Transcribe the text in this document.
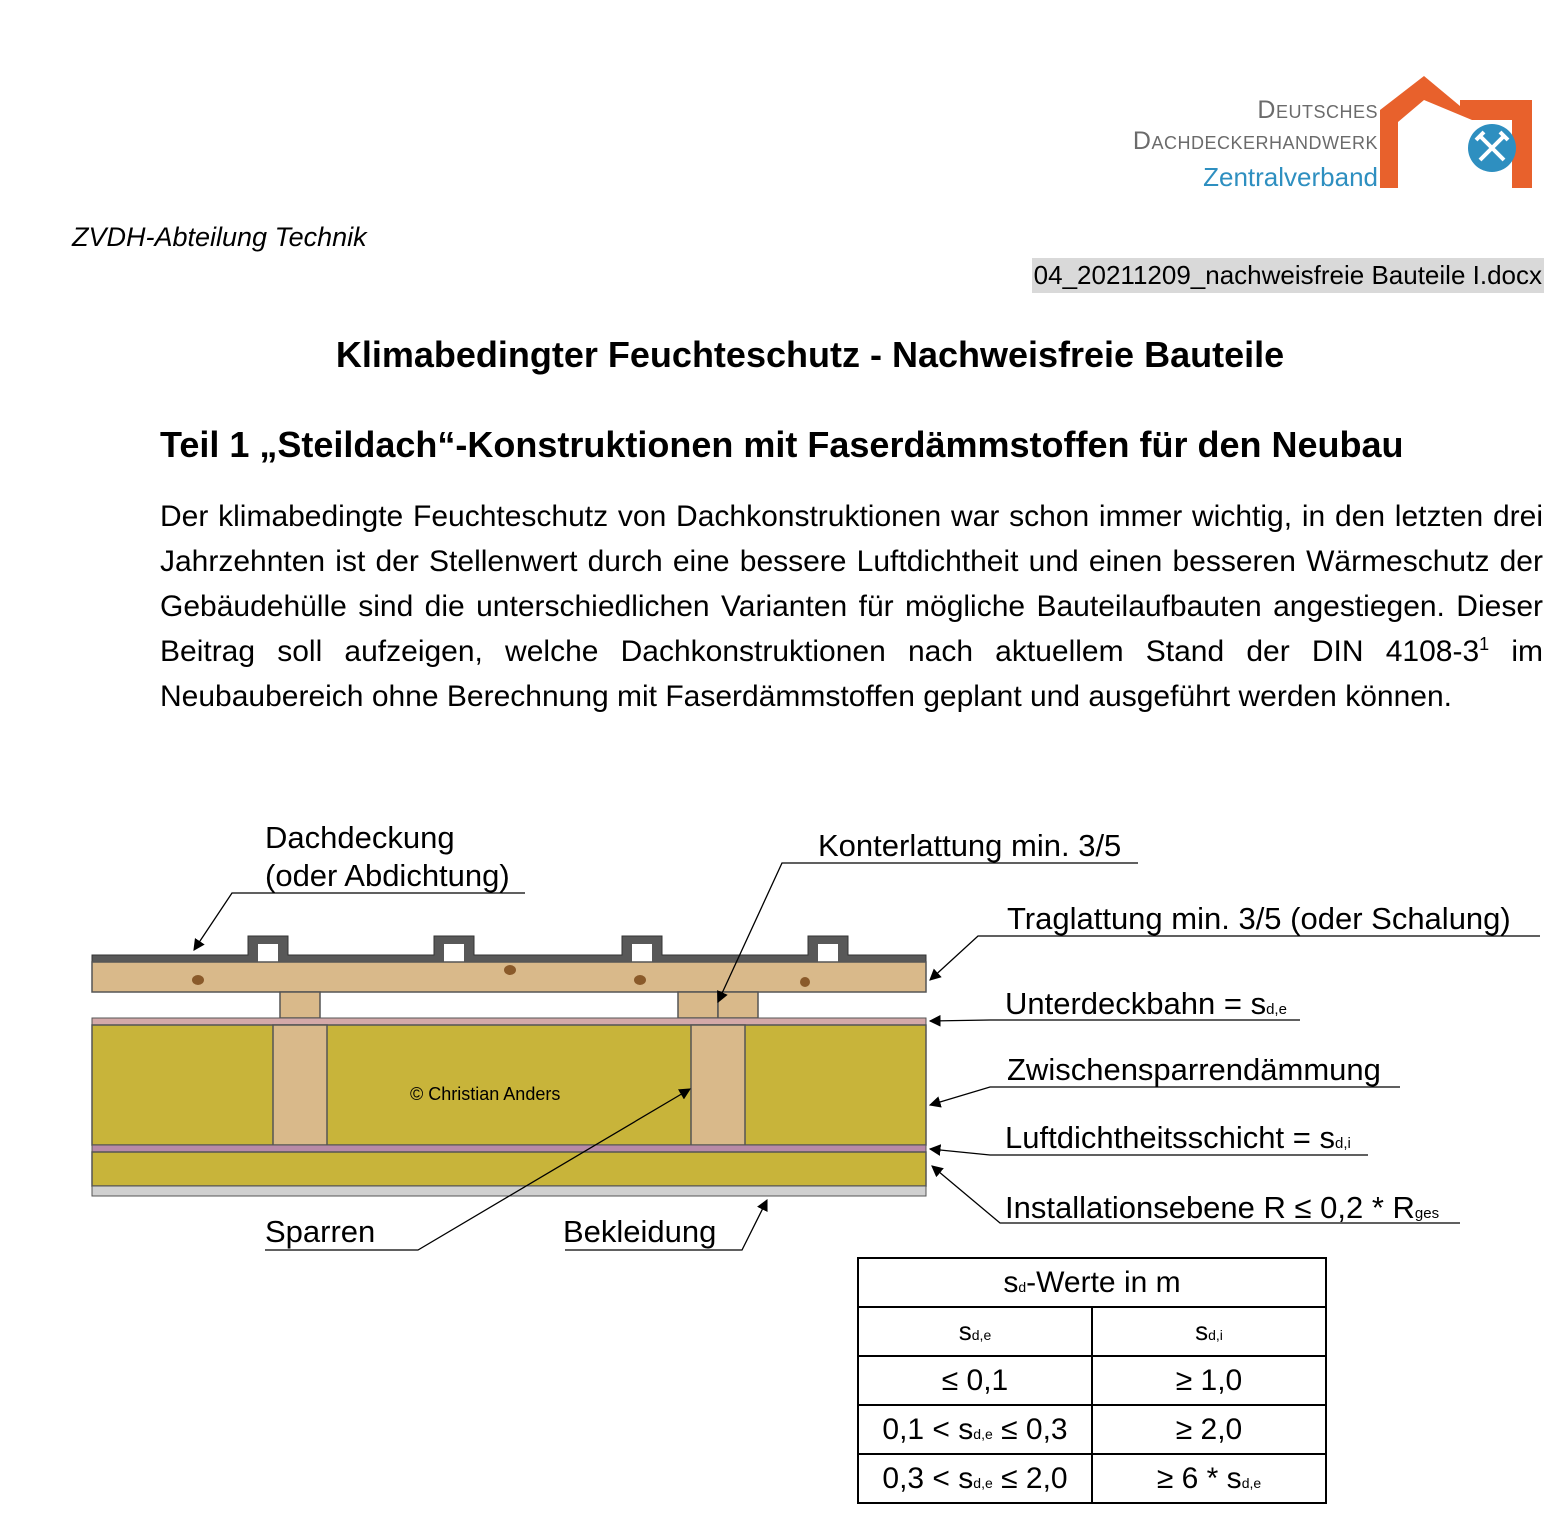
Deutsches
Dachdeckerhandwerk
Zentralverband
ZVDH-Abteilung Technik
04_20211209_nachweisfreie Bauteile I.docx
Klimabedingter Feuchteschutz - Nachweisfreie Bauteile
Teil 1 „Steildach“-Konstruktionen mit Faserdämmstoffen für den Neubau
Der klimabedingte Feuchteschutz von Dachkonstruktionen war schon immer wichtig, in den letzten drei Jahrzehnten ist der Stellenwert durch eine bessere Luftdichtheit und einen besseren Wärmeschutz der Gebäudehülle sind die unterschiedlichen Varianten für mögliche Bauteilaufbauten angestiegen. Dieser Beitrag soll aufzeigen, welche Dachkonstruktionen nach aktuellem Stand der DIN $4108-3^1$ im Neubaubereich ohne Berechnung mit Faserdämmstoffen geplant und ausgeführt werden können.
© Christian Anders
Dachdeckung
(oder Abdichtung)
Konterlattung min. 3/5
Traglattung min. 3/5 (oder Schalung)
Unterdeckbahn = sd,e
Zwischensparrendämmung
Luftdichtheitsschicht = sd,i
Installationsebene R ≤ 0,2 * Rges
Sparren	Bekleidung
sd-Werte in m	
sd,e	sd,i
≤ 0,1	≥ 1,0
0,1 < sd,e ≤ 0,3	≥ 2,0
0,3 < sd,e ≤ 2,0	≥ 6 * sd,e
